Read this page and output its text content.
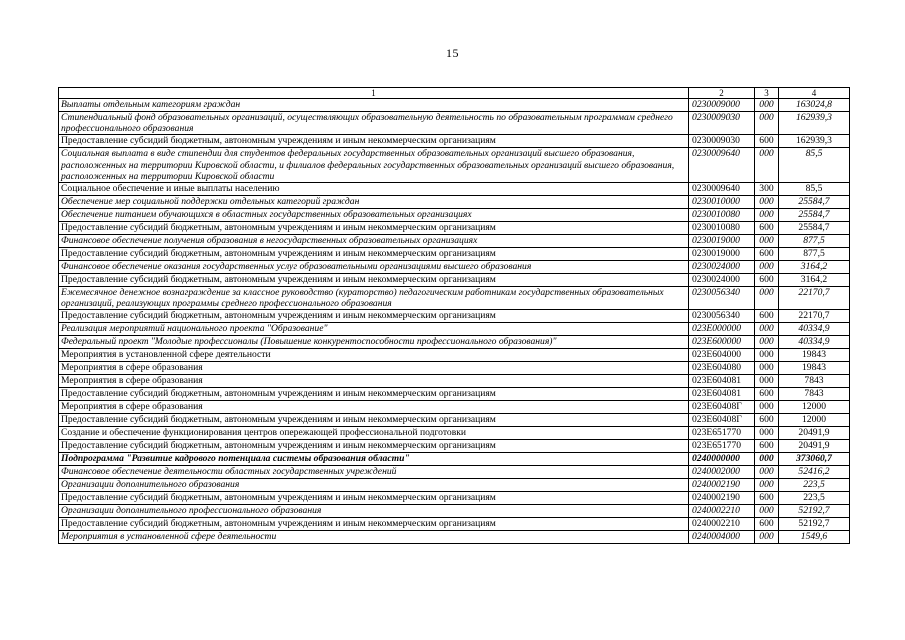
15
1	2	3	4
Выплаты отдельным категориям граждан	0230009000	000	163024,8
Стипендиальный фонд образовательных организаций, осуществляющих образовательную деятельность по образовательным программам среднего профессионального образования	0230009030	000	162939,3
Предоставление субсидий бюджетным, автономным учреждениям и иным некоммерческим организациям	0230009030	600	162939,3
Социальная выплата в виде стипендии для студентов федеральных государственных образовательных организаций высшего образования, расположенных на территории Кировской области, и филиалов федеральных государственных образовательных организаций высшего образования, расположенных на территории Кировской области	0230009640	000	85,5
Социальное обеспечение и иные выплаты населению	0230009640	300	85,5
Обеспечение мер социальной поддержки отдельных категорий граждан	0230010000	000	25584,7
Обеспечение питанием обучающихся в областных государственных образовательных организациях	0230010080	000	25584,7
Предоставление субсидий бюджетным, автономным учреждениям и иным некоммерческим организациям	0230010080	600	25584,7
Финансовое обеспечение получения образования в негосударственных образовательных организациях	0230019000	000	877,5
Предоставление субсидий бюджетным, автономным учреждениям и иным некоммерческим организациям	0230019000	600	877,5
Финансовое обеспечение оказания государственных услуг образовательными организациями высшего образования	0230024000	000	3164,2
Предоставление субсидий бюджетным, автономным учреждениям и иным некоммерческим организациям	0230024000	600	3164,2
Ежемесячное денежное вознаграждение за классное руководство (кураторство) педагогическим работникам государственных образовательных организаций, реализующих программы среднего профессионального образования	0230056340	000	22170,7
Предоставление субсидий бюджетным, автономным учреждениям и иным некоммерческим организациям	0230056340	600	22170,7
Реализация мероприятий национального проекта "Образование"	023E000000	000	40334,9
Федеральный проект "Молодые профессионалы (Повышение конкурентоспособности профессионального образования)"	023E600000	000	40334,9
Мероприятия в установленной сфере деятельности	023E604000	000	19843
Мероприятия в сфере образования	023E604080	000	19843
Мероприятия в сфере образования	023E604081	000	7843
Предоставление субсидий бюджетным, автономным учреждениям и иным некоммерческим организациям	023E604081	600	7843
Мероприятия в сфере образования	023E60408Г	000	12000
Предоставление субсидий бюджетным, автономным учреждениям и иным некоммерческим организациям	023E60408Г	600	12000
Создание и обеспечение функционирования центров опережающей профессиональной подготовки	023E651770	000	20491,9
Предоставление субсидий бюджетным, автономным учреждениям и иным некоммерческим организациям	023E651770	600	20491,9
Подпрограмма "Развитие кадрового потенциала системы образования области"	0240000000	000	373060,7
Финансовое обеспечение деятельности областных государственных учреждений	0240002000	000	52416,2
Организации дополнительного образования	0240002190	000	223,5
Предоставление субсидий бюджетным, автономным учреждениям и иным некоммерческим организациям	0240002190	600	223,5
Организации дополнительного профессионального образования	0240002210	000	52192,7
Предоставление субсидий бюджетным, автономным учреждениям и иным некоммерческим организациям	0240002210	600	52192,7
Мероприятия в установленной сфере деятельности	0240004000	000	1549,6
